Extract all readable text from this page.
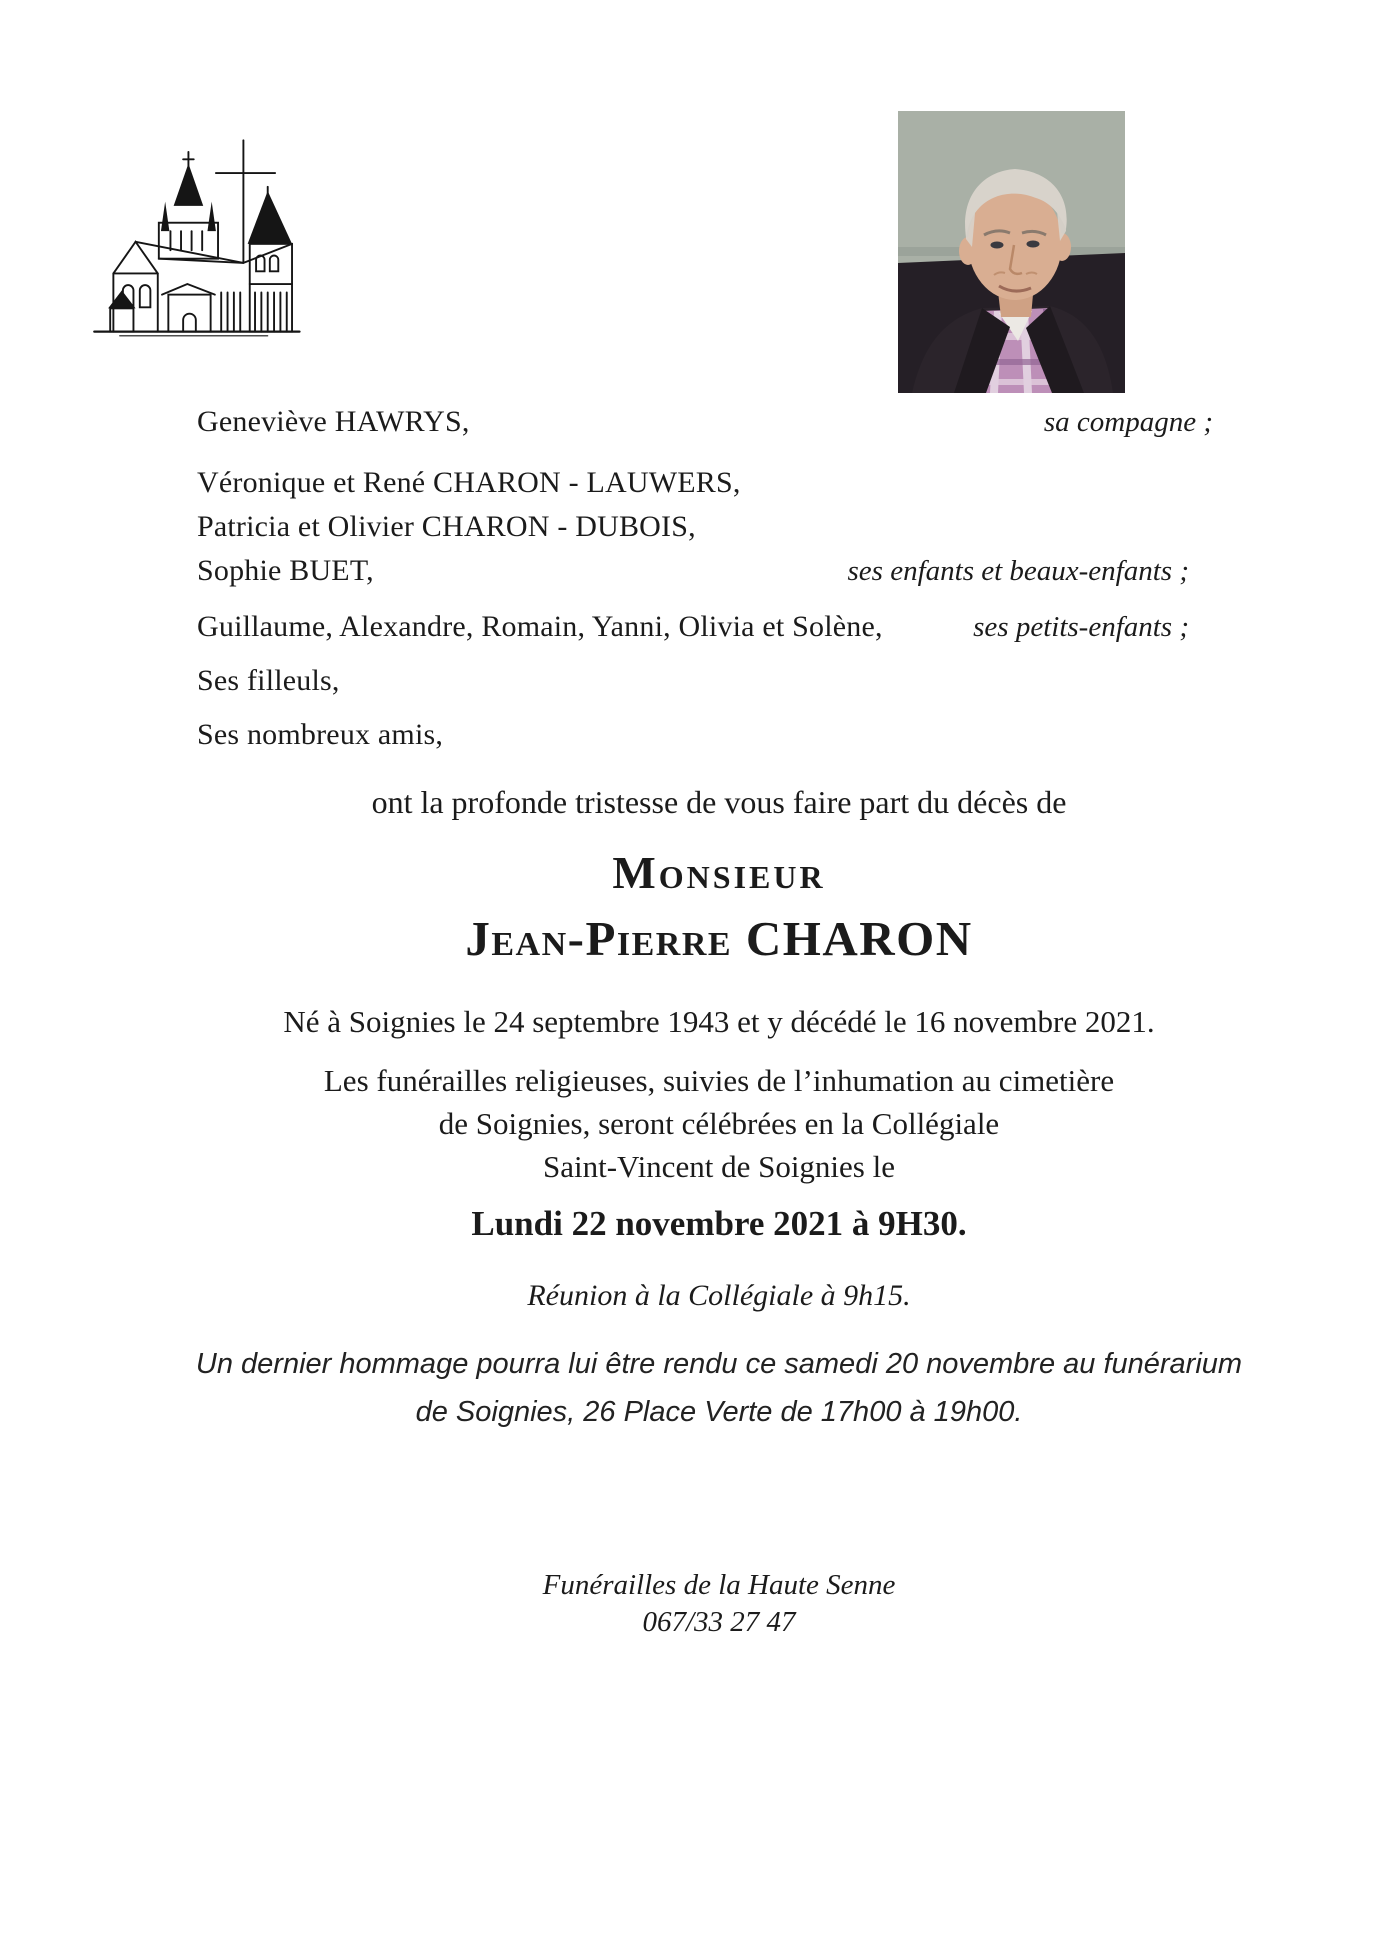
Geneviève HAWRYS,	sa compagne ;
Véronique et René CHARON - LAUWERS,
Patricia et Olivier CHARON - DUBOIS,
Sophie BUET,	ses enfants et beaux-enfants ;
Guillaume, Alexandre, Romain, Yanni, Olivia et Solène,	ses petits-enfants ;
Ses filleuls,
Ses nombreux amis,
ont la profonde tristesse de vous faire part du décès de
Monsieur
Jean-Pierre CHARON
Né à Soignies le 24 septembre 1943 et y décédé le 16 novembre 2021.
Les funérailles religieuses, suivies de l’inhumation au cimetière
de Soignies, seront célébrées en la Collégiale
Saint-Vincent de Soignies le
Lundi 22 novembre 2021 à 9H30.
Réunion à la Collégiale à 9h15.
Un dernier hommage pourra lui être rendu ce samedi 20 novembre au funérarium
de Soignies, 26 Place Verte de 17h00 à 19h00.
Funérailles de la Haute Senne
067/33 27 47
